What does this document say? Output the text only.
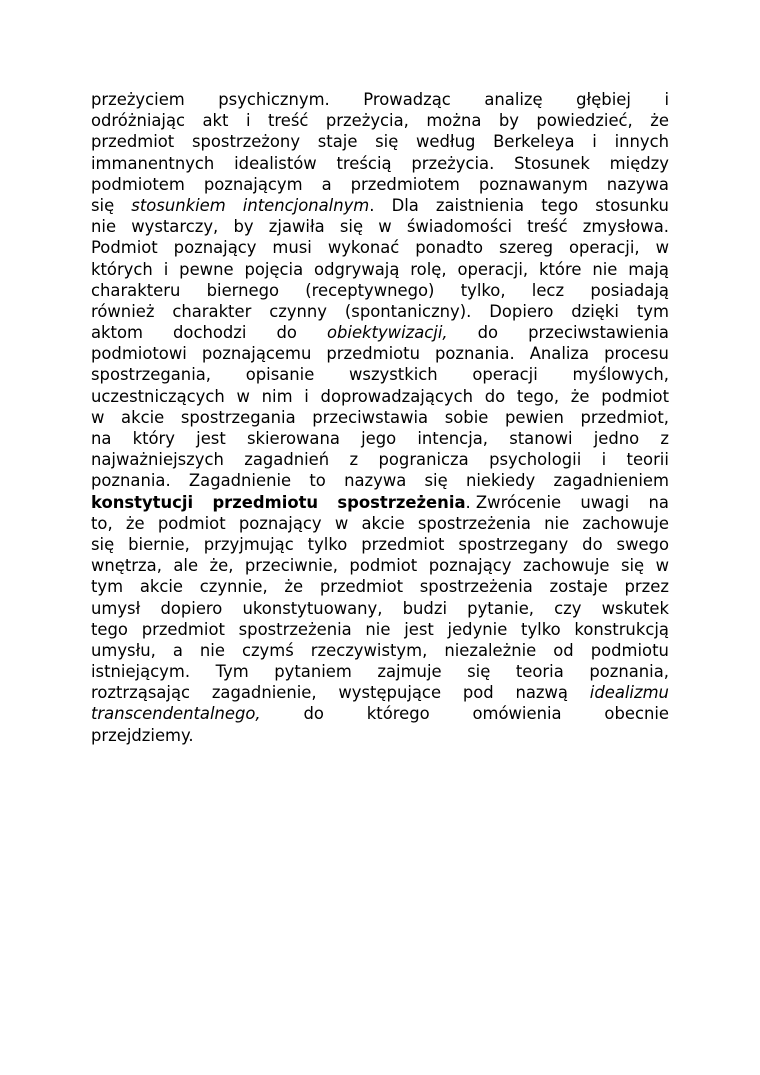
przeżyciem psychicznym. Prowadząc analizę głębiej i
odróżniając akt i treść przeżycia, można by powiedzieć, że
przedmiot spostrzeżony staje się według Berkeleya i innych
immanentnych idealistów treścią przeżycia. Stosunek między
podmiotem poznającym a przedmiotem poznawanym nazywa
się stosunkiem intencjonalnym. Dla zaistnienia tego stosunku
nie wystarczy, by zjawiła się w świadomości treść zmysłowa.
Podmiot poznający musi wykonać ponadto szereg operacji, w
których i pewne pojęcia odgrywają rolę, operacji, które nie mają
charakteru biernego (receptywnego) tylko, lecz posiadają
również charakter czynny (spontaniczny). Dopiero dzięki tym
aktom dochodzi do obiektywizacji, do przeciwstawienia
podmiotowi poznającemu przedmiotu poznania. Analiza procesu
spostrzegania, opisanie wszystkich operacji myślowych,
uczestniczących w nim i doprowadzających do tego, że podmiot
w akcie spostrzegania przeciwstawia sobie pewien przedmiot,
na który jest skierowana jego intencja, stanowi jedno z
najważniejszych zagadnień z pogranicza psychologii i teorii
poznania. Zagadnienie to nazywa się niekiedy zagadnieniem
konstytucji przedmiotu spostrzeżenia. Zwrócenie uwagi na
to, że podmiot poznający w akcie spostrzeżenia nie zachowuje
się biernie, przyjmując tylko przedmiot spostrzegany do swego
wnętrza, ale że, przeciwnie, podmiot poznający zachowuje się w
tym akcie czynnie, że przedmiot spostrzeżenia zostaje przez
umysł dopiero ukonstytuowany, budzi pytanie, czy wskutek
tego przedmiot spostrzeżenia nie jest jedynie tylko konstrukcją
umysłu, a nie czymś rzeczywistym, niezależnie od podmiotu
istniejącym. Tym pytaniem zajmuje się teoria poznania,
roztrząsając zagadnienie, występujące pod nazwą idealizmu
transcendentalnego,	do	którego	omówienia	obecnie
przejdziemy.
